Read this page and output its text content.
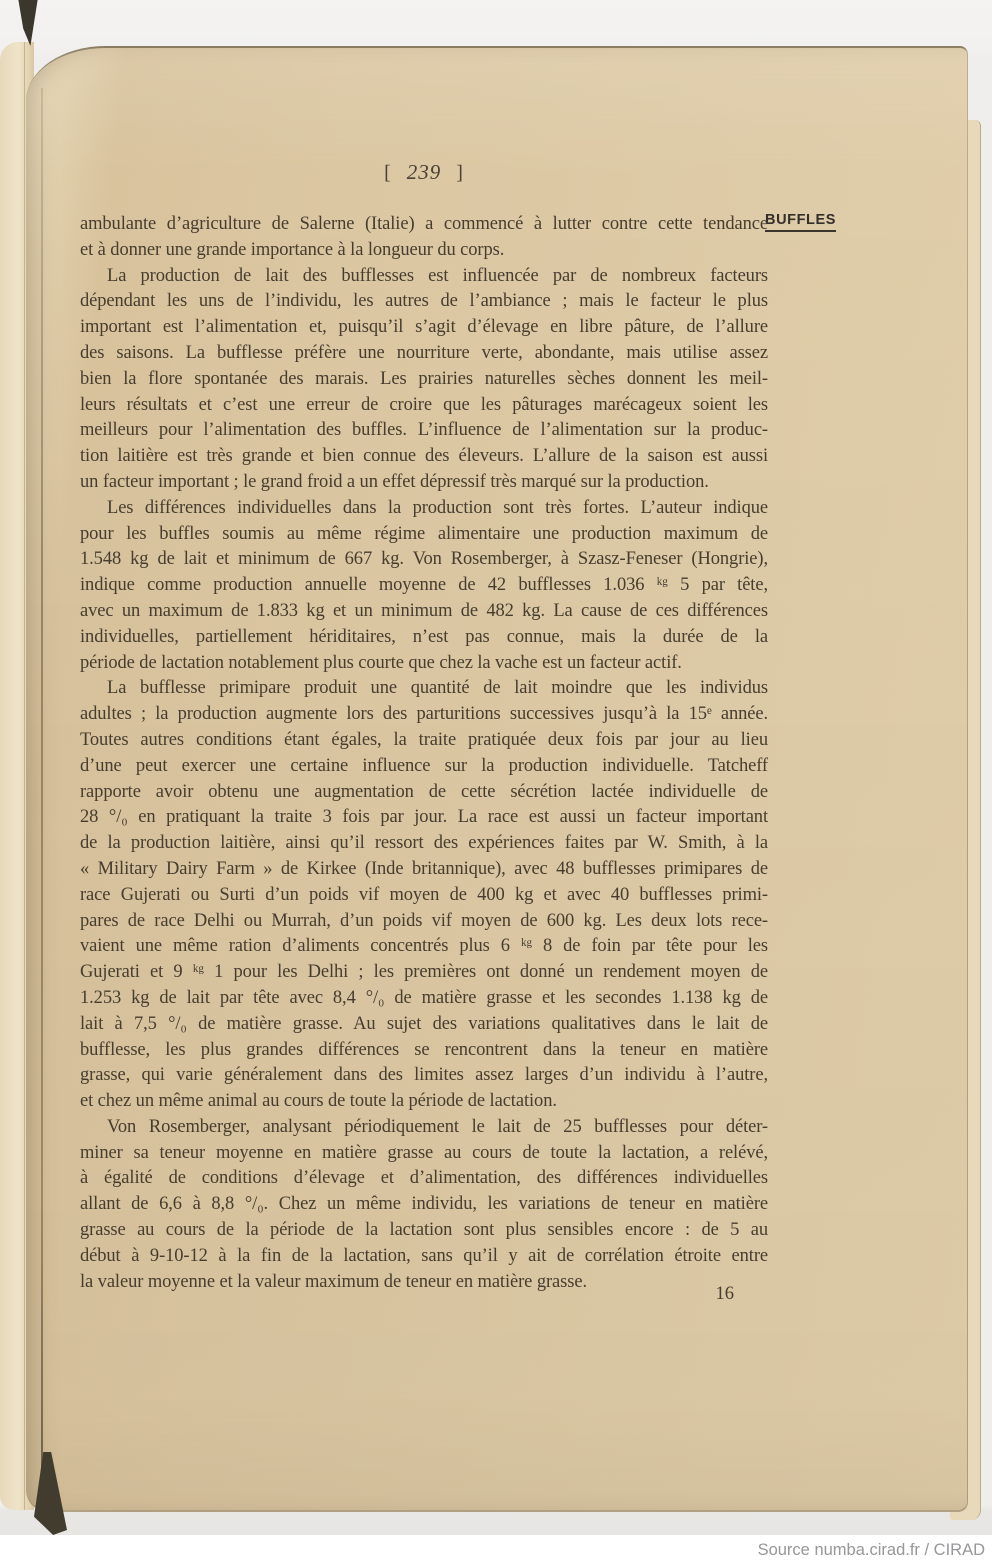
[ 239 ]
BUFFLES
ambulante d’agriculture de Salerne (Italie) a commencé à lutter contre cette tendance
et à donner une grande importance à la longueur du corps.
La production de lait des bufflesses est influencée par de nombreux facteurs
dépendant les uns de l’individu, les autres de l’ambiance ; mais le facteur le plus
important est l’alimentation et, puisqu’il s’agit d’élevage en libre pâture, de l’allure
des saisons. La bufflesse préfère une nourriture verte, abondante, mais utilise assez
bien la flore spontanée des marais. Les prairies naturelles sèches donnent les meil-
leurs résultats et c’est une erreur de croire que les pâturages marécageux soient les
meilleurs pour l’alimentation des buffles. L’influence de l’alimentation sur la produc-
tion laitière est très grande et bien connue des éleveurs. L’allure de la saison est aussi
un facteur important ; le grand froid a un effet dépressif très marqué sur la production.
Les différences individuelles dans la production sont très fortes. L’auteur indique
pour les buffles soumis au même régime alimentaire une production maximum de
1.548 kg de lait et minimum de 667 kg. Von Rosemberger, à Szasz-Feneser (Hongrie),
indique comme production annuelle moyenne de 42 bufflesses 1.036 ᵏᵍ 5 par tête,
avec un maximum de 1.833 kg et un minimum de 482 kg. La cause de ces différences
individuelles, partiellement hériditaires, n’est pas connue, mais la durée de la
période de lactation notablement plus courte que chez la vache est un facteur actif.
La bufflesse primipare produit une quantité de lait moindre que les individus
adultes ; la production augmente lors des parturitions successives jusqu’à la 15ᵉ année.
Toutes autres conditions étant égales, la traite pratiquée deux fois par jour au lieu
d’une peut exercer une certaine influence sur la production individuelle. Tatcheff
rapporte avoir obtenu une augmentation de cette sécrétion lactée individuelle de
28 °/₀ en pratiquant la traite 3 fois par jour. La race est aussi un facteur important
de la production laitière, ainsi qu’il ressort des expériences faites par W. Smith, à la
« Military Dairy Farm » de Kirkee (Inde britannique), avec 48 bufflesses primipares de
race Gujerati ou Surti d’un poids vif moyen de 400 kg et avec 40 bufflesses primi-
pares de race Delhi ou Murrah, d’un poids vif moyen de 600 kg. Les deux lots rece-
vaient une même ration d’aliments concentrés plus 6 ᵏᵍ 8 de foin par tête pour les
Gujerati et 9 ᵏᵍ 1 pour les Delhi ; les premières ont donné un rendement moyen de
1.253 kg de lait par tête avec 8,4 °/₀ de matière grasse et les secondes 1.138 kg de
lait à 7,5 °/₀ de matière grasse. Au sujet des variations qualitatives dans le lait de
bufflesse, les plus grandes différences se rencontrent dans la teneur en matière
grasse, qui varie généralement dans des limites assez larges d’un individu à l’autre,
et chez un même animal au cours de toute la période de lactation.
Von Rosemberger, analysant périodiquement le lait de 25 bufflesses pour déter-
miner sa teneur moyenne en matière grasse au cours de toute la lactation, a relévé,
à égalité de conditions d’élevage et d’alimentation, des différences individuelles
allant de 6,6 à 8,8 °/₀. Chez un même individu, les variations de teneur en matière
grasse au cours de la période de la lactation sont plus sensibles encore : de 5 au
début à 9-10-12 à la fin de la lactation, sans qu’il y ait de corrélation étroite entre
la valeur moyenne et la valeur maximum de teneur en matière grasse.
16
Source numba.cirad.fr / CIRAD
